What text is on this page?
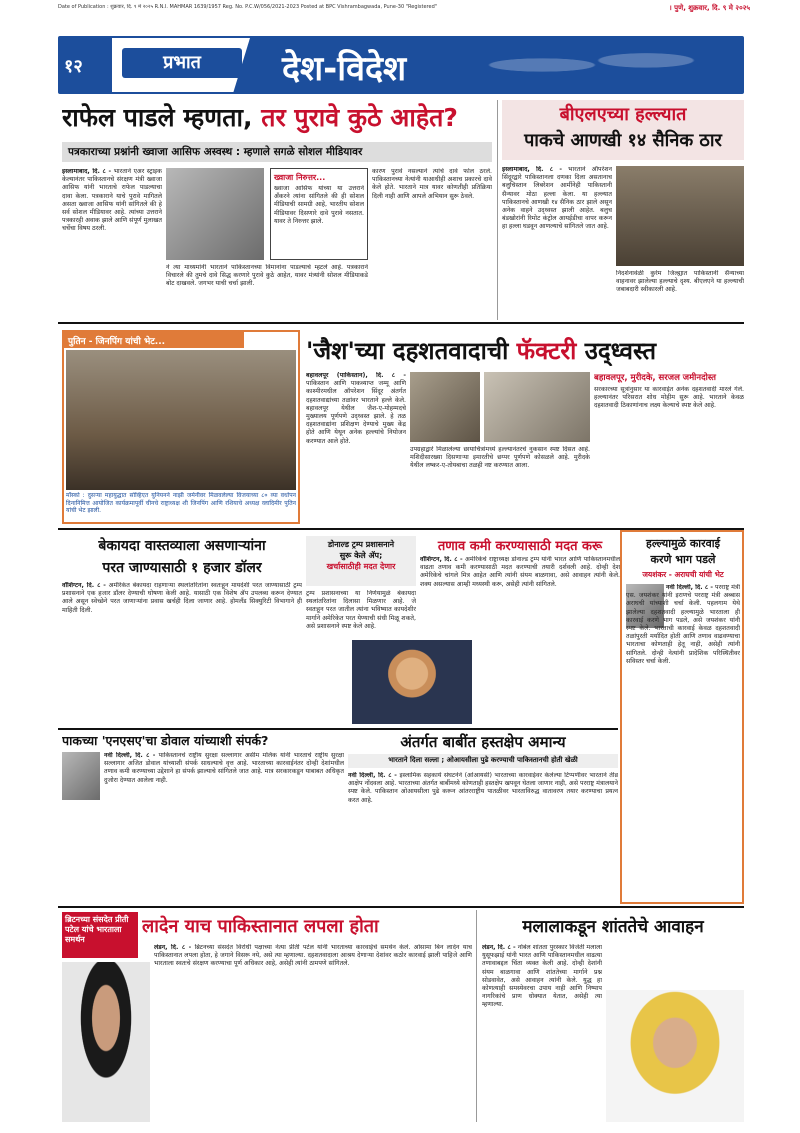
Date of Publication : शुक्रवार, दि. ९ मे २०२५ R.N.I. MAHMAR 1639/1957 Reg. No. P.C.W/056/2021-2023 Posted at BPC Vishrambagwada, Pune-30 "Registered"	। पुणे, शुक्रवार, दि. ९ मे २०२५
१२	प्रभात	देश-विदेश
राफेल पाडले म्हणता, तर पुरावे कुठे आहेत?
पत्रकाराच्या प्रश्नांनी ख्वाजा आसिफ अस्वस्थ : म्हणाले सगळे सोशल मीडियावर
इस्लामाबाद, दि. ८ - भारताने एअर स्ट्राइक केल्यानंतर पाकिस्तानचे संरक्षण मंत्री ख्वाजा आसिफ यांनी भारताचे राफेल पाडल्याचा दावा केला. पत्रकाराने याचे पुरावे मागितले असता ख्वाजा आसिफ यांनी सांगितले की हे सर्व सोशल मीडियावर आहे. त्यांच्या उत्तराने पत्रकारही अवाक झाले आणि संपूर्ण मुलाखत चर्चेचा विषय ठरली.
ख्वाजा निरुत्तर...
ख्वाजा आसिफ यांच्या या उत्तराने अँकरने त्यांना सांगितले की ही सोशल मीडियाची सामग्री आहे, भारतीय सोशल मीडियावर दिसणारे दावे पुरावे नसतात. यावर ते निरुत्तर झाले.
ने त्या माध्यमांनी भारताने पाकिस्तानच्या विमानांना पाडल्याचे म्हटले आहे. पत्रकाराने विचारले की तुमचे दावे सिद्ध करणारे पुरावे कुठे आहेत, यावर मंत्र्यांनी सोशल मीडियाकडे बोट दाखवले. जगभर याची चर्चा झाली.
कारण पुरावे नसल्याने त्यांचे दावे फोल ठरले. पाकिस्तानच्या नेत्यांनी याआधीही अशाच प्रकारचे दावे केले होते. भारताने मात्र यावर कोणतीही प्रतिक्रिया दिली नाही आणि आपले अभियान सुरू ठेवले.
बीएलएच्या हल्ल्यात
पाकचे आणखी १४ सैनिक ठार
इस्लामाबाद, दि. ८ - भारताने ऑपरेशन सिंदूरद्वारे पाकिस्तानला दणका दिला असतानाच बलुचिस्तान लिबरेशन आर्मीनेही पाकिस्तानी सैन्यावर मोठा हल्ला केला. या हल्ल्यात पाकिस्तानचे आणखी १४ सैनिक ठार झाले असून अनेक वाहने उद्ध्वस्त झाली आहेत. बलुच बंडखोरांनी रिमोट कंट्रोल आयईडीचा वापर करून हा हल्ला घडवून आणल्याचे सांगितले जात आहे.
निदर्शनावेळी कुर्रम जिल्ह्यात पाकिस्तानी सैन्याच्या वाहनावर झालेल्या हल्ल्याचे दृश्य. बीएलएने या हल्ल्याची जबाबदारी स्वीकारली आहे.
पुतिन - जिनपिंग यांची भेट...
मॉस्को : दुसऱ्या महायुद्धात सोव्हिएत युनियनने नाझी जर्मनीवर मिळवलेल्या विजयाच्या ८० व्या वर्धापन दिनानिमित्त आयोजित कार्यक्रमापूर्वी चीनचे राष्ट्राध्यक्ष शी जिनपिंग आणि रशियाचे अध्यक्ष व्लादिमीर पुतिन यांची भेट झाली.
'जैश'च्या दहशतवादाची फॅक्टरी उद्ध्वस्त
बहावलपूर (पाकिस्तान), दि. ८ - पाकिस्तान आणि पाकव्याप्त जम्मू आणि काश्मीरमधील ऑपरेशन सिंदूर अंतर्गत दहशतवाद्यांच्या तळांवर भारताने हल्ले केले. बहावलपूर येथील जैश-ए-मोहम्मदचे मुख्यालय पूर्णपणे उद्ध्वस्त झाले. हे तळ दहशतवाद्यांना प्रशिक्षण देण्याचे मुख्य केंद्र होते आणि येथून अनेक हल्ल्यांचे नियोजन करण्यात आले होते.
उपग्रहाद्वारे मिळालेल्या छायाचित्रांमध्ये हल्ल्यानंतरचे नुकसान स्पष्ट दिसत आहे. मशिदीसारख्या दिसणाऱ्या इमारतीचे छप्पर पूर्णपणे कोसळले आहे. मुरीदके येथील लष्कर-ए-तोयबाचा तळही नष्ट करण्यात आला.
बहावलपूर, मुरीदके, सरजल जमीनदोस्त
सरकारच्या सूत्रांनुसार या कारवाईत अनेक दहशतवादी मारले गेले. हल्ल्यानंतर परिसरात शोध मोहीम सुरू आहे. भारताने केवळ दहशतवादी ठिकाणांनाच लक्ष्य केल्याचे स्पष्ट केले आहे.
बेकायदा वास्तव्याला असणाऱ्यांना
परत जाण्यासाठी १ हजार डॉलर
वॉशिंग्टन, दि. ८ - अमेरिकेत बेकायदा राहणाऱ्या स्थलांतरितांना स्वतःहून मायदेशी परत जाण्यासाठी ट्रम्प प्रशासनाने एक हजार डॉलर देण्याची घोषणा केली आहे. यासाठी एक विशेष ॲप उपलब्ध करून देण्यात आले असून स्वेच्छेने परत जाणाऱ्यांना प्रवास खर्चही दिला जाणार आहे. होमलँड सिक्युरिटी विभागाने ही माहिती दिली.
डोनाल्ड ट्रम्प प्रशासनाने
सुरू केले ॲप;
खर्चासाठीही मदत देणार
ट्रम्प प्रशासनाच्या या निर्णयामुळे बेकायदा स्थलांतरितांना दिलासा मिळणार आहे. जे स्वतःहून परत जातील त्यांना भविष्यात कायदेशीर मार्गाने अमेरिकेत परत येण्याची संधी मिळू शकते, असे प्रशासनाने स्पष्ट केले आहे.
तणाव कमी करण्यासाठी मदत करू
वॉशिंग्टन, दि. ८ - अमेरिकेचे राष्ट्राध्यक्ष डोनाल्ड ट्रम्प यांनी भारत आणि पाकिस्तानमधील वाढता तणाव कमी करण्यासाठी मदत करण्याची तयारी दर्शवली आहे. दोन्ही देश अमेरिकेचे चांगले मित्र आहेत आणि त्यांनी संयम बाळगावा, असे आवाहन त्यांनी केले. शक्य असल्यास आम्ही मध्यस्थी करू, असेही त्यांनी सांगितले.
हल्ल्यामुळे कारवाई
करणे भाग पडले
जयशंकर - अराघची यांची भेट
नवी दिल्ली, दि. ८ - परराष्ट्र मंत्री एस. जयशंकर यांनी इराणचे परराष्ट्र मंत्री अब्बास अराघची यांच्याशी चर्चा केली. पहलगाम येथे झालेल्या दहशतवादी हल्ल्यामुळे भारताला ही कारवाई करणे भाग पडले, असे जयशंकर यांनी स्पष्ट केले. भारताची कारवाई केवळ दहशतवादी तळांपुरती मर्यादित होती आणि तणाव वाढवण्याचा भारताचा कोणताही हेतू नाही, असेही त्यांनी सांगितले. दोन्ही नेत्यांनी प्रादेशिक परिस्थितीवर सविस्तर चर्चा केली.
पाकच्या 'एनएसए'चा डोवाल यांच्याशी संपर्क?
नवी दिल्ली, दि. ८ - पाकिस्तानचे राष्ट्रीय सुरक्षा सल्लागार असीम मलिक यांनी भारताचे राष्ट्रीय सुरक्षा सल्लागार अजित डोवाल यांच्याशी संपर्क साधल्याचे वृत्त आहे. भारताच्या कारवाईनंतर दोन्ही देशांमधील तणाव कमी करण्याच्या उद्देशाने हा संपर्क झाल्याचे सांगितले जात आहे. मात्र सरकारकडून याबाबत अधिकृत दुजोरा देण्यात आलेला नाही.
अंतर्गत बाबींत हस्तक्षेप अमान्य
भारताने दिला सल्ला ; ओआयसीला पुढे करण्याची पाकिस्तानची होती खेळी
नवी दिल्ली, दि. ८ - इस्लामिक सहकार्य संघटनेने (ओआयसी) भारताच्या कारवाईवर केलेल्या टिप्पणीवर भारताने तीव्र आक्षेप नोंदवला आहे. भारताच्या अंतर्गत बाबींमध्ये कोणताही हस्तक्षेप खपवून घेतला जाणार नाही, असे परराष्ट्र मंत्रालयाने स्पष्ट केले. पाकिस्तान ओआयसीला पुढे करून आंतरराष्ट्रीय पातळीवर भारताविरुद्ध वातावरण तयार करण्याचा प्रयत्न करत आहे.
ब्रिटनच्या संसदेत प्रीती पटेल यांचे भारताला समर्थन
लादेन याच पाकिस्तानात लपला होता
लंडन, दि. ८ - ब्रिटनच्या संसदेत विरोधी पक्षाच्या नेत्या प्रीती पटेल यांनी भारताच्या कारवाईचे समर्थन केले. ओसामा बिन लादेन याच पाकिस्तानात लपला होता, हे जगाने विसरू नये, असे त्या म्हणाल्या. दहशतवादाला आश्रय देणाऱ्या देशांवर कठोर कारवाई झाली पाहिजे आणि भारताला स्वतःचे संरक्षण करण्याचा पूर्ण अधिकार आहे, असेही त्यांनी ठामपणे सांगितले.
मलालाकडून शांततेचे आवाहन
लंडन, दि. ८ - नोबेल शांतता पुरस्कार विजेती मलाला युसूफझाई यांनी भारत आणि पाकिस्तानमधील वाढत्या तणावाबद्दल चिंता व्यक्त केली आहे. दोन्ही देशांनी संयम बाळगावा आणि शांततेच्या मार्गाने प्रश्न सोडवावेत, असे आवाहन त्यांनी केले. युद्ध हा कोणत्याही समस्येवरचा उपाय नाही आणि निष्पाप नागरिकांचे प्राण धोक्यात येतात, असेही त्या म्हणाल्या.
